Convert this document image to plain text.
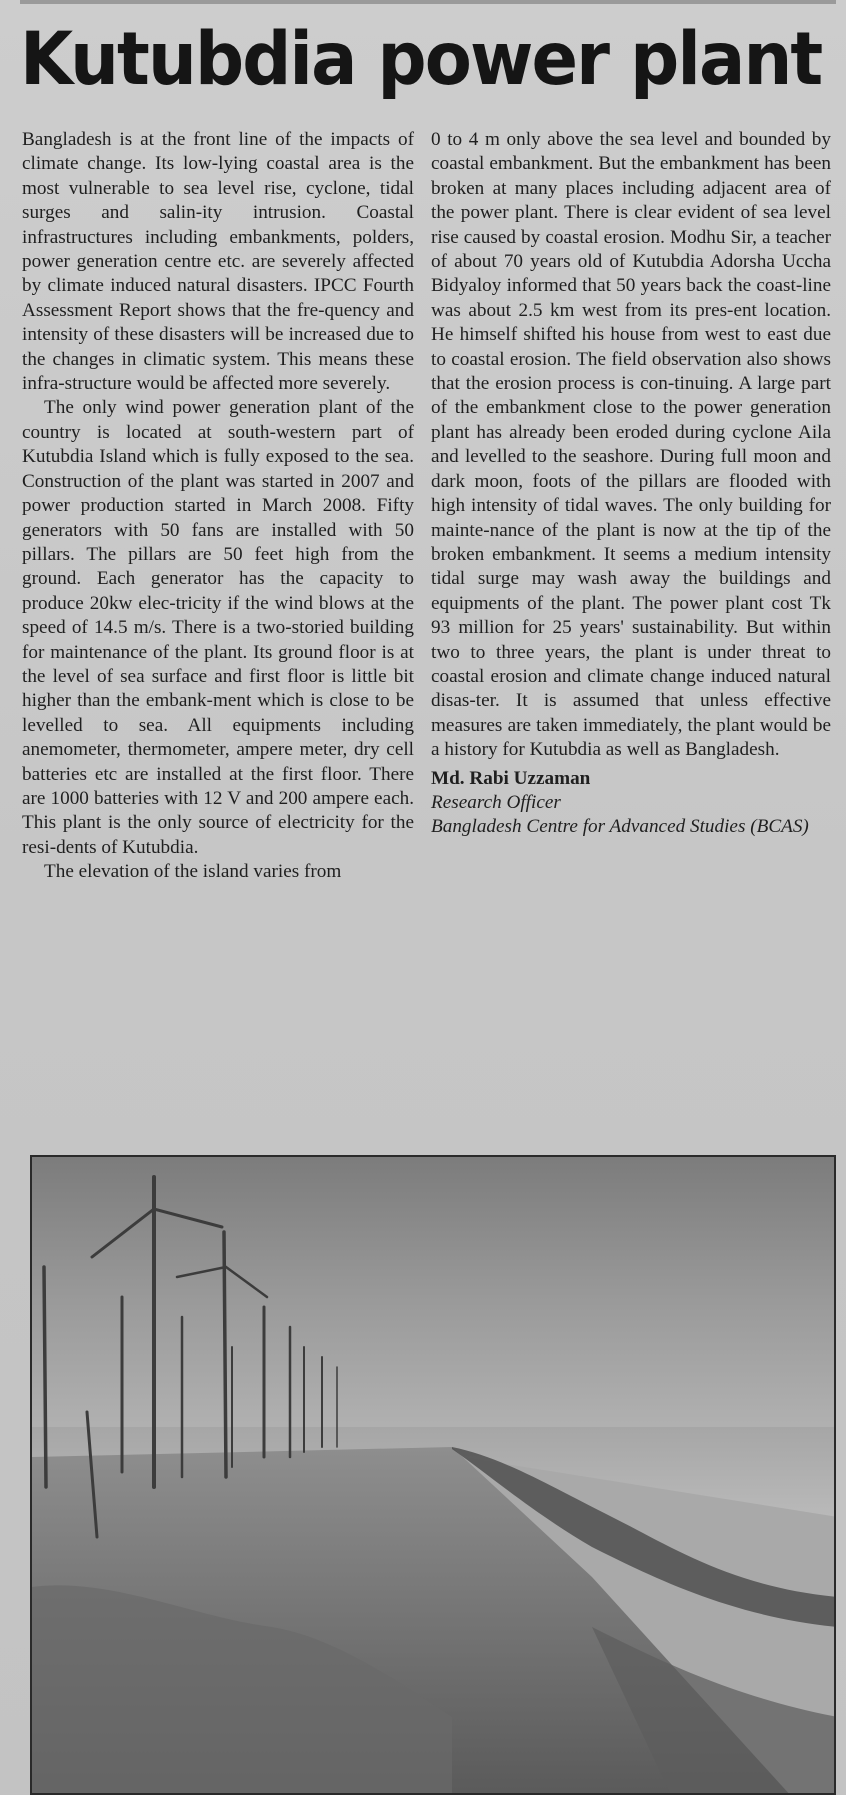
Kutubdia power plant

Bangladesh is at the front line of the impacts of climate change. Its low-lying coastal area is the most vulnerable to sea level rise, cyclone, tidal surges and salin-ity intrusion. Coastal infrastructures including embankments, polders, power generation centre etc. are severely affected by climate induced natural disasters. IPCC Fourth Assessment Report shows that the fre-quency and intensity of these disasters will be increased due to the changes in climatic system. This means these infra-structure would be affected more severely.

The only wind power generation plant of the country is located at south-western part of Kutubdia Island which is fully exposed to the sea. Construction of the plant was started in 2007 and power production started in March 2008. Fifty generators with 50 fans are installed with 50 pillars. The pillars are 50 feet high from the ground. Each generator has the capacity to produce 20kw elec-tricity if the wind blows at the speed of 14.5 m/s. There is a two-storied building for maintenance of the plant. Its ground floor is at the level of sea surface and first floor is little bit higher than the embank-ment which is close to be levelled to sea. All equipments including anemometer, thermometer, ampere meter, dry cell batteries etc are installed at the first floor. There are 1000 batteries with 12 V and 200 ampere each. This plant is the only source of electricity for the resi-dents of Kutubdia.

The elevation of the island varies from

0 to 4 m only above the sea level and bounded by coastal embankment. But the embankment has been broken at many places including adjacent area of the power plant. There is clear evident of sea level rise caused by coastal erosion. Modhu Sir, a teacher of about 70 years old of Kutubdia Adorsha Uccha Bidyaloy informed that 50 years back the coast-line was about 2.5 km west from its pres-ent location. He himself shifted his house from west to east due to coastal erosion. The field observation also shows that the erosion process is con-tinuing. A large part of the embankment close to the power generation plant has already been eroded during cyclone Aila and levelled to the seashore. During full moon and dark moon, foots of the pillars are flooded with high intensity of tidal waves. The only building for mainte-nance of the plant is now at the tip of the broken embankment. It seems a medium intensity tidal surge may wash away the buildings and equipments of the plant. The power plant cost Tk 93 million for 25 years' sustainability. But within two to three years, the plant is under threat to coastal erosion and climate change induced natural disas-ter. It is assumed that unless effective measures are taken immediately, the plant would be a history for Kutubdia as well as Bangladesh.

Md. Rabi Uzzaman
Research Officer
Bangladesh Centre for Advanced Studies (BCAS)
